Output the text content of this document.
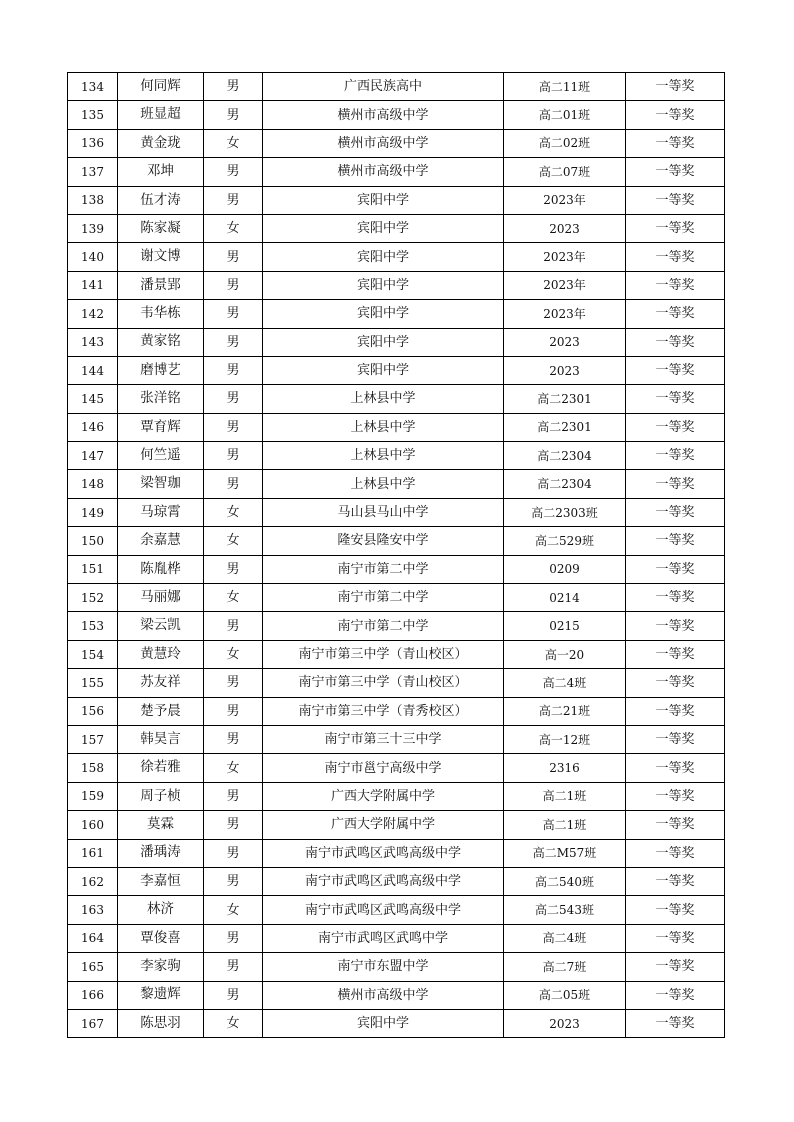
134	何同辉	男	广西民族高中	高二11班	一等奖
135	班显超	男	横州市高级中学	高二01班	一等奖
136	黄金珑	女	横州市高级中学	高二02班	一等奖
137	邓坤	男	横州市高级中学	高二07班	一等奖
138	伍才涛	男	宾阳中学	2023年	一等奖
139	陈家凝	女	宾阳中学	2023	一等奖
140	谢文博	男	宾阳中学	2023年	一等奖
141	潘景郢	男	宾阳中学	2023年	一等奖
142	韦华栋	男	宾阳中学	2023年	一等奖
143	黄家铭	男	宾阳中学	2023	一等奖
144	磨博艺	男	宾阳中学	2023	一等奖
145	张洋铭	男	上林县中学	高二2301	一等奖
146	覃育辉	男	上林县中学	高二2301	一等奖
147	何竺遥	男	上林县中学	高二2304	一等奖
148	梁智珈	男	上林县中学	高二2304	一等奖
149	马琼霄	女	马山县马山中学	高二2303班	一等奖
150	余嘉慧	女	隆安县隆安中学	高二529班	一等奖
151	陈胤桦	男	南宁市第二中学	0209	一等奖
152	马丽娜	女	南宁市第二中学	0214	一等奖
153	梁云凯	男	南宁市第二中学	0215	一等奖
154	黄慧玲	女	南宁市第三中学（青山校区）	高一20	一等奖
155	苏友祥	男	南宁市第三中学（青山校区）	高二4班	一等奖
156	楚予晨	男	南宁市第三中学（青秀校区）	高二21班	一等奖
157	韩昊言	男	南宁市第三十三中学	高一12班	一等奖
158	徐若雅	女	南宁市邕宁高级中学	2316	一等奖
159	周子桢	男	广西大学附属中学	高二1班	一等奖
160	莫霖	男	广西大学附属中学	高二1班	一等奖
161	潘瑀涛	男	南宁市武鸣区武鸣高级中学	高二M57班	一等奖
162	李嘉恒	男	南宁市武鸣区武鸣高级中学	高二540班	一等奖
163	林济	女	南宁市武鸣区武鸣高级中学	高二543班	一等奖
164	覃俊喜	男	南宁市武鸣区武鸣中学	高二4班	一等奖
165	李家驹	男	南宁市东盟中学	高二7班	一等奖
166	黎遗辉	男	横州市高级中学	高二05班	一等奖
167	陈思羽	女	宾阳中学	2023	一等奖
